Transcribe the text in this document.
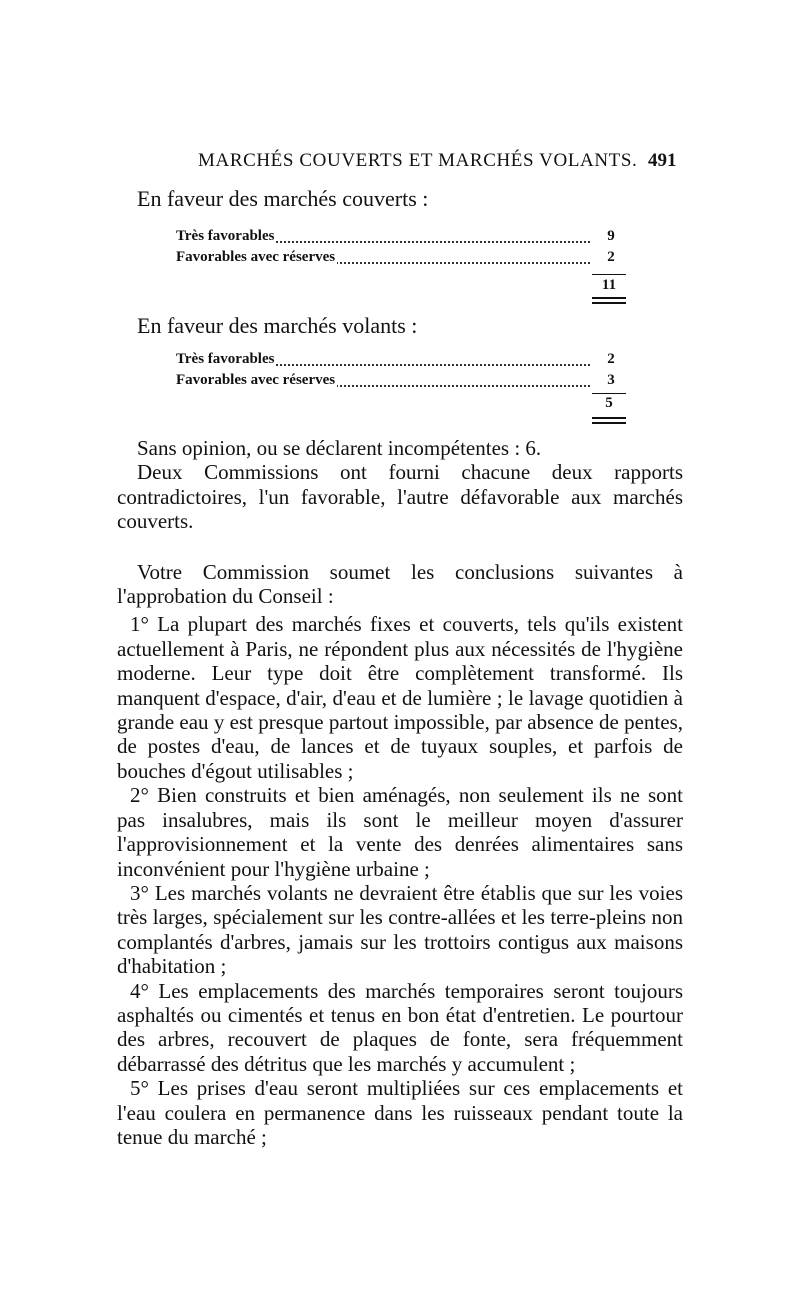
MARCHÉS COUVERTS ET MARCHÉS VOLANTS. 491
En faveur des marchés couverts :
Très favorables	9
Favorables avec réserves	2
11
En faveur des marchés volants :
Très favorables	2
Favorables avec réserves	3
5

Sans opinion, ou se déclarent incompétentes : 6.

Deux Commissions ont fourni chacune deux rapports contradictoires, l'un favorable, l'autre défavorable aux marchés couverts.

Votre Commission soumet les conclusions suivantes à l'approbation du Conseil :

1° La plupart des marchés fixes et couverts, tels qu'ils existent actuellement à Paris, ne répondent plus aux nécessités de l'hygiène moderne. Leur type doit être complètement transformé. Ils manquent d'espace, d'air, d'eau et de lumière ; le lavage quotidien à grande eau y est presque partout impossible, par absence de pentes, de postes d'eau, de lances et de tuyaux souples, et parfois de bouches d'égout utilisables ;

2° Bien construits et bien aménagés, non seulement ils ne sont pas insalubres, mais ils sont le meilleur moyen d'assurer l'approvisionnement et la vente des denrées alimentaires sans inconvénient pour l'hygiène urbaine ;

3° Les marchés volants ne devraient être établis que sur les voies très larges, spécialement sur les contre-allées et les terre-pleins non complantés d'arbres, jamais sur les trottoirs contigus aux maisons d'habitation ;

4° Les emplacements des marchés temporaires seront toujours asphaltés ou cimentés et tenus en bon état d'entretien. Le pourtour des arbres, recouvert de plaques de fonte, sera fréquemment débarrassé des détritus que les marchés y accumulent ;

5° Les prises d'eau seront multipliées sur ces emplacements et l'eau coulera en permanence dans les ruisseaux pendant toute la tenue du marché ;
